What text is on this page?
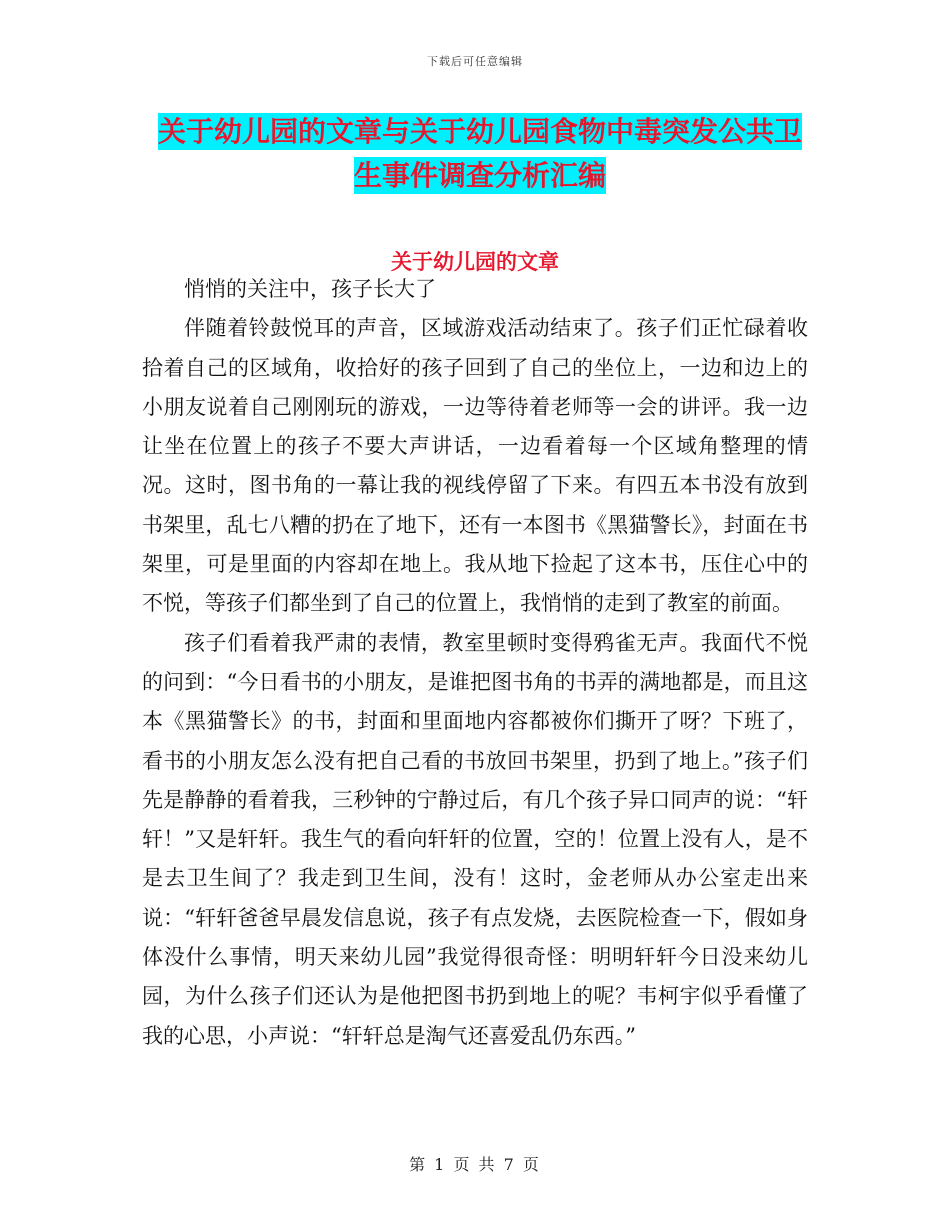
下载后可任意编辑
关于幼儿园的文章与关于幼儿园食物中毒突发公共卫
生事件调查分析汇编
关于幼儿园的文章

悄悄的关注中，孩子长大了

伴随着铃鼓悦耳的声音，区域游戏活动结束了。孩子们正忙碌着收拾着自己的区域角，收拾好的孩子回到了自己的坐位上，一边和边上的小朋友说着自己刚刚玩的游戏，一边等待着老师等一会的讲评。我一边让坐在位置上的孩子不要大声讲话，一边看着每一个区域角整理的情况。这时，图书角的一幕让我的视线停留了下来。有四五本书没有放到书架里，乱七八糟的扔在了地下，还有一本图书《黑猫警长》，封面在书架里，可是里面的内容却在地上。我从地下捡起了这本书，压住心中的不悦，等孩子们都坐到了自己的位置上，我悄悄的走到了教室的前面。

孩子们看着我严肃的表情，教室里顿时变得鸦雀无声。我面代不悦的问到：“今日看书的小朋友，是谁把图书角的书弄的满地都是，而且这本《黑猫警长》的书，封面和里面地内容都被你们撕开了呀？下班了，看书的小朋友怎么没有把自己看的书放回书架里，扔到了地上。”孩子们先是静静的看着我，三秒钟的宁静过后，有几个孩子异口同声的说：“轩轩！”又是轩轩。我生气的看向轩轩的位置，空的！位置上没有人，是不是去卫生间了？我走到卫生间，没有！这时，金老师从办公室走出来说：“轩轩爸爸早晨发信息说，孩子有点发烧，去医院检查一下，假如身体没什么事情，明天来幼儿园”我觉得很奇怪：明明轩轩今日没来幼儿园，为什么孩子们还认为是他把图书扔到地上的呢？韦柯宇似乎看懂了我的心思，小声说：“轩轩总是淘气还喜爱乱仍东西。”

第 1 页 共 7 页
